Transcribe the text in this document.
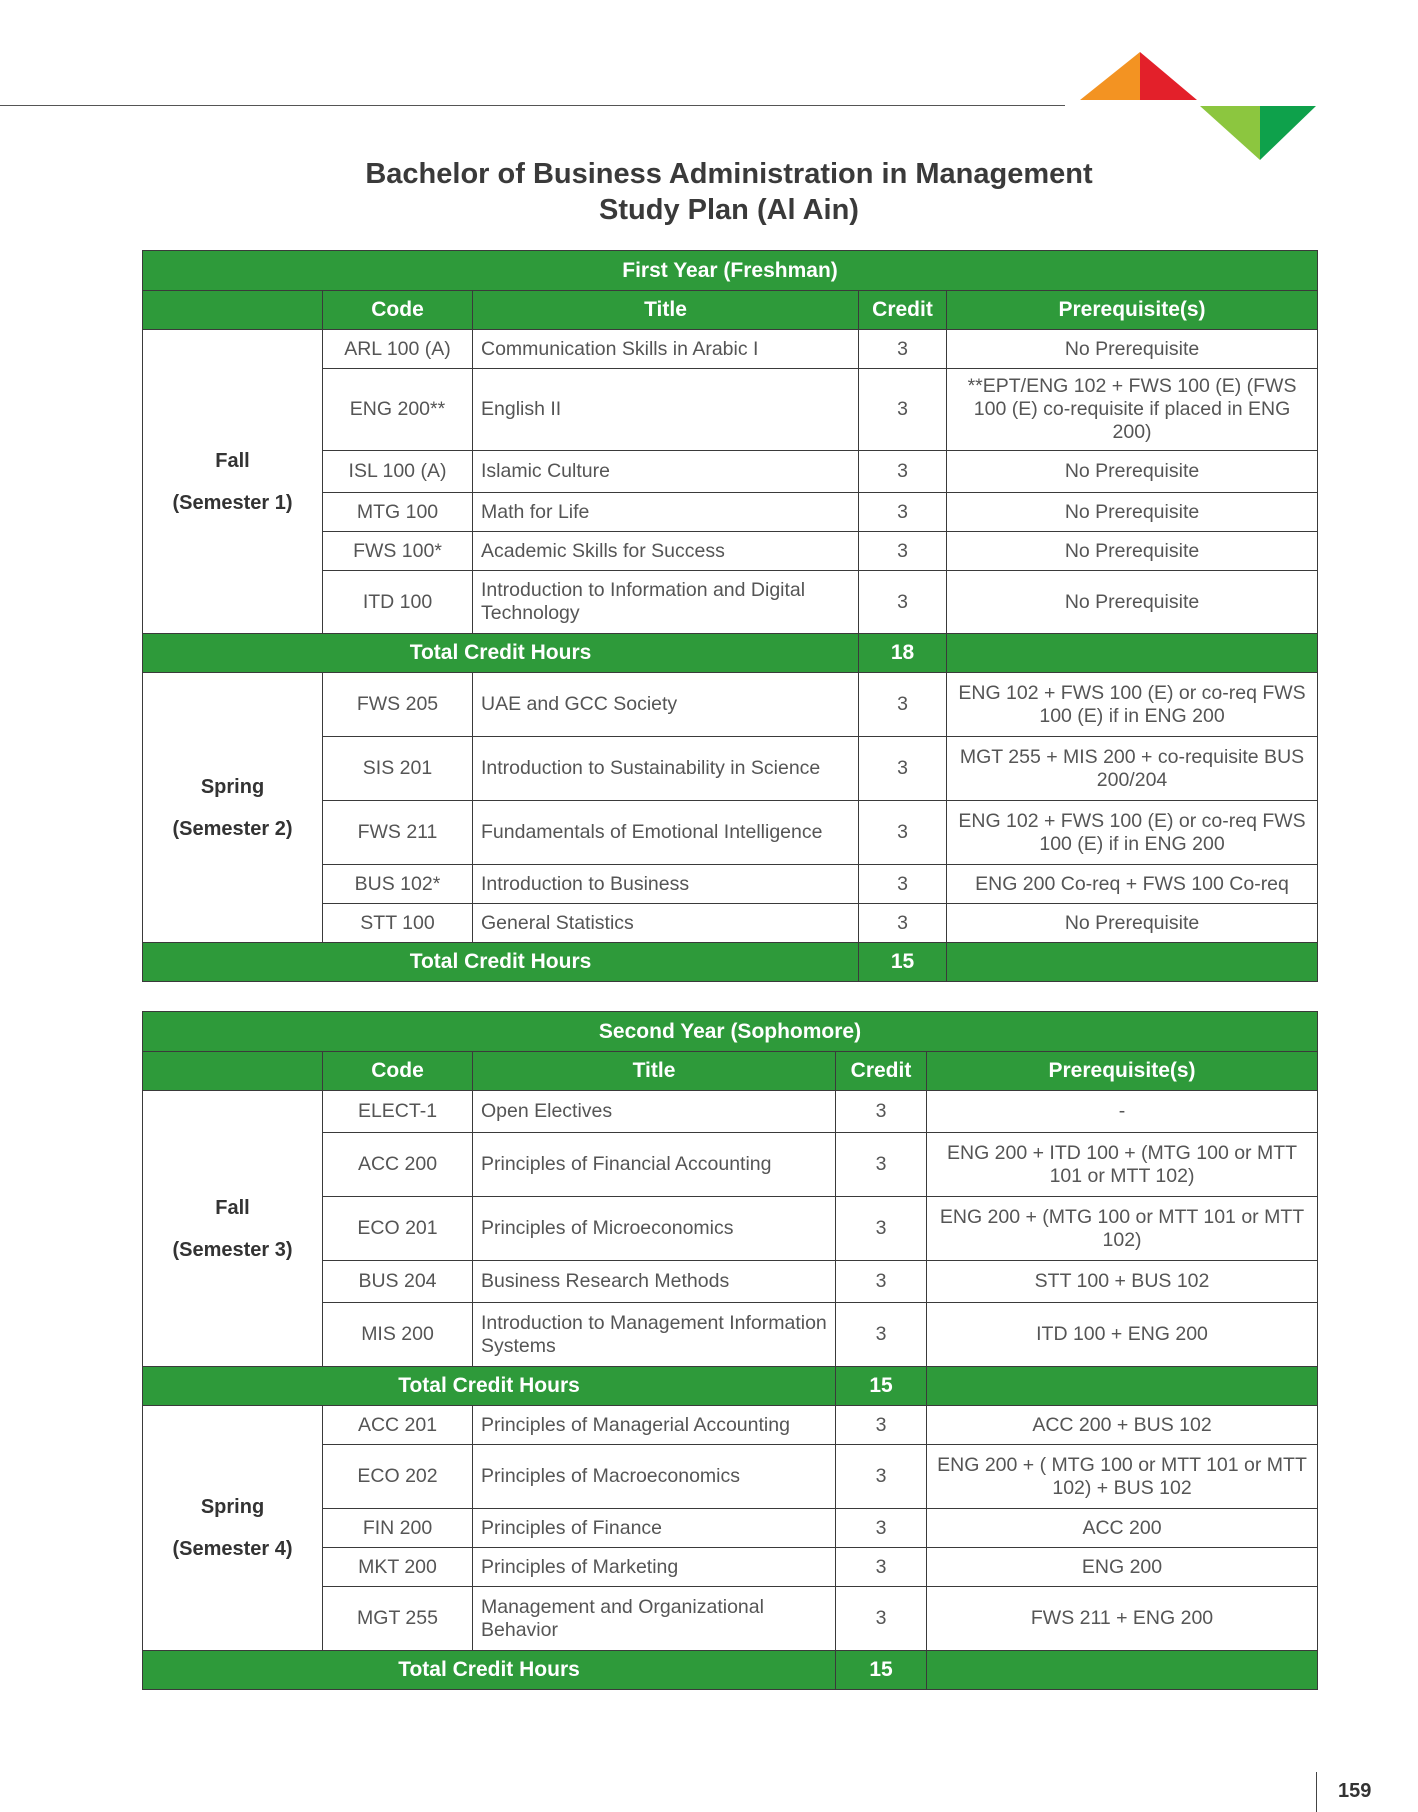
Bachelor of Business Administration in Management
Study Plan (Al Ain)
First Year (Freshman)				
	Code	Title	Credit	Prerequisite(s)

Fall
(Semester 1)	ARL 100 (A)	Communication Skills in Arabic I	3	No Prerequisite
	ENG 200**	English II	3	**EPT/ENG 102 + FWS 100 (E) (FWS 100 (E) co-requisite if placed in ENG 200)

	ISL 100 (A)	Islamic Culture	3	No Prerequisite
	MTG 100	Math for Life	3	No Prerequisite
	FWS 100*	Academic Skills for Success	3	No Prerequisite
	ITD 100	Introduction to Information and Digital Technology	3	No Prerequisite
Total Credit Hours			18	

Spring
(Semester 2)	FWS 205	UAE and GCC Society	3	ENG 102 + FWS 100 (E) or co-req FWS 100 (E) if in ENG 200

	SIS 201	Introduction to Sustainability in Science	3	MGT 255 + MIS 200 + co-requisite BUS 200/204

	FWS 211	Fundamentals of Emotional Intelligence	3	ENG 102 + FWS 100 (E) or co-req FWS 100 (E) if in ENG 200

	BUS 102*	Introduction to Business	3	ENG 200 Co-req + FWS 100 Co-req
	STT 100	General Statistics	3	No Prerequisite
Total Credit Hours			15	
Second Year (Sophomore)				
	Code	Title	Credit	Prerequisite(s)

Fall
(Semester 3)	ELECT-1	Open Electives	3	-
	ACC 200	Principles of Financial Accounting	3	ENG 200 + ITD 100 + (MTG 100 or MTT 101 or MTT 102)

	ECO 201	Principles of Microeconomics	3	ENG 200 + (MTG 100 or MTT 101 or MTT 102)

	BUS 204	Business Research Methods	3	STT 100 + BUS 102
	MIS 200	Introduction to Management Information Systems	3	ITD 100 + ENG 200
Total Credit Hours			15	

Spring
(Semester 4)	ACC 201	Principles of Managerial Accounting	3	ACC 200 + BUS 102
	ECO 202	Principles of Macroeconomics	3	ENG 200 + ( MTG 100 or MTT 101 or MTT 102) + BUS 102

	FIN 200	Principles of Finance	3	ACC 200
	MKT 200	Principles of Marketing	3	ENG 200
	MGT 255	Management and Organizational Behavior	3	FWS 211 + ENG 200
Total Credit Hours			15	
159
